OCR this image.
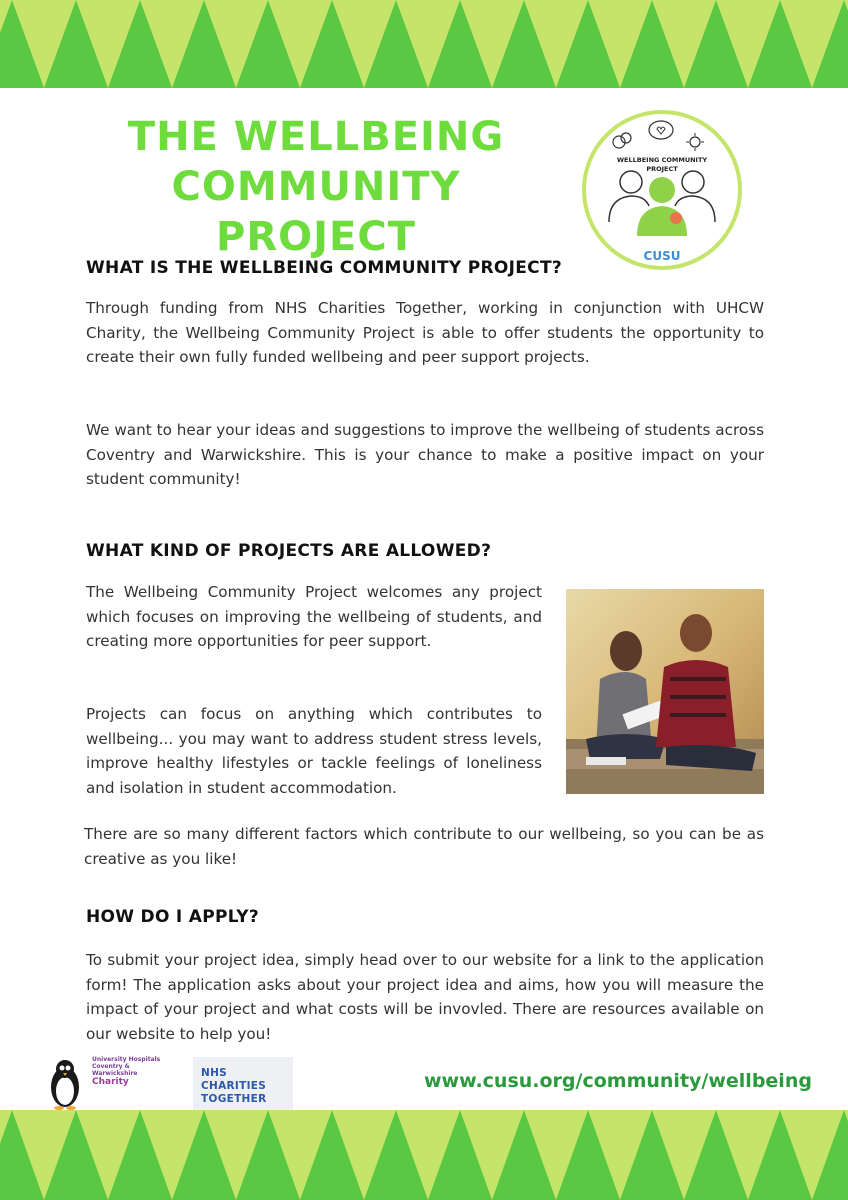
THE WELLBEING COMMUNITY PROJECT
WELLBEING COMMUNITY
PROJECT
CUSU
WHAT IS THE WELLBEING COMMUNITY PROJECT?

Through funding from NHS Charities Together, working in conjunction with UHCW Charity, the Wellbeing Community Project is able to offer students the opportunity to create their own fully funded wellbeing and peer support projects.

We want to hear your ideas and suggestions to improve the wellbeing of students across Coventry and Warwickshire. This is your chance to make a positive impact on your student community!

WHAT KIND OF PROJECTS ARE ALLOWED?

The Wellbeing Community Project welcomes any project which focuses on improving the wellbeing of students, and creating more opportunities for peer support.

Projects can focus on anything which contributes to wellbeing... you may want to address student stress levels, improve healthy lifestyles or tackle feelings of loneliness and isolation in student accommodation.

There are so many different factors which contribute to our wellbeing, so you can be as creative as you like!

HOW DO I APPLY?

To submit your project idea, simply head over to our website for a link to the application form! The application asks about your project idea and aims, how you will measure the impact of your project and what costs will be invovled. There are resources available on our website to help you!

University Hospitals
Coventry & Warwickshire
Charity
NHS CHARITIES
TOGETHER
www.cusu.org/community/wellbeing
